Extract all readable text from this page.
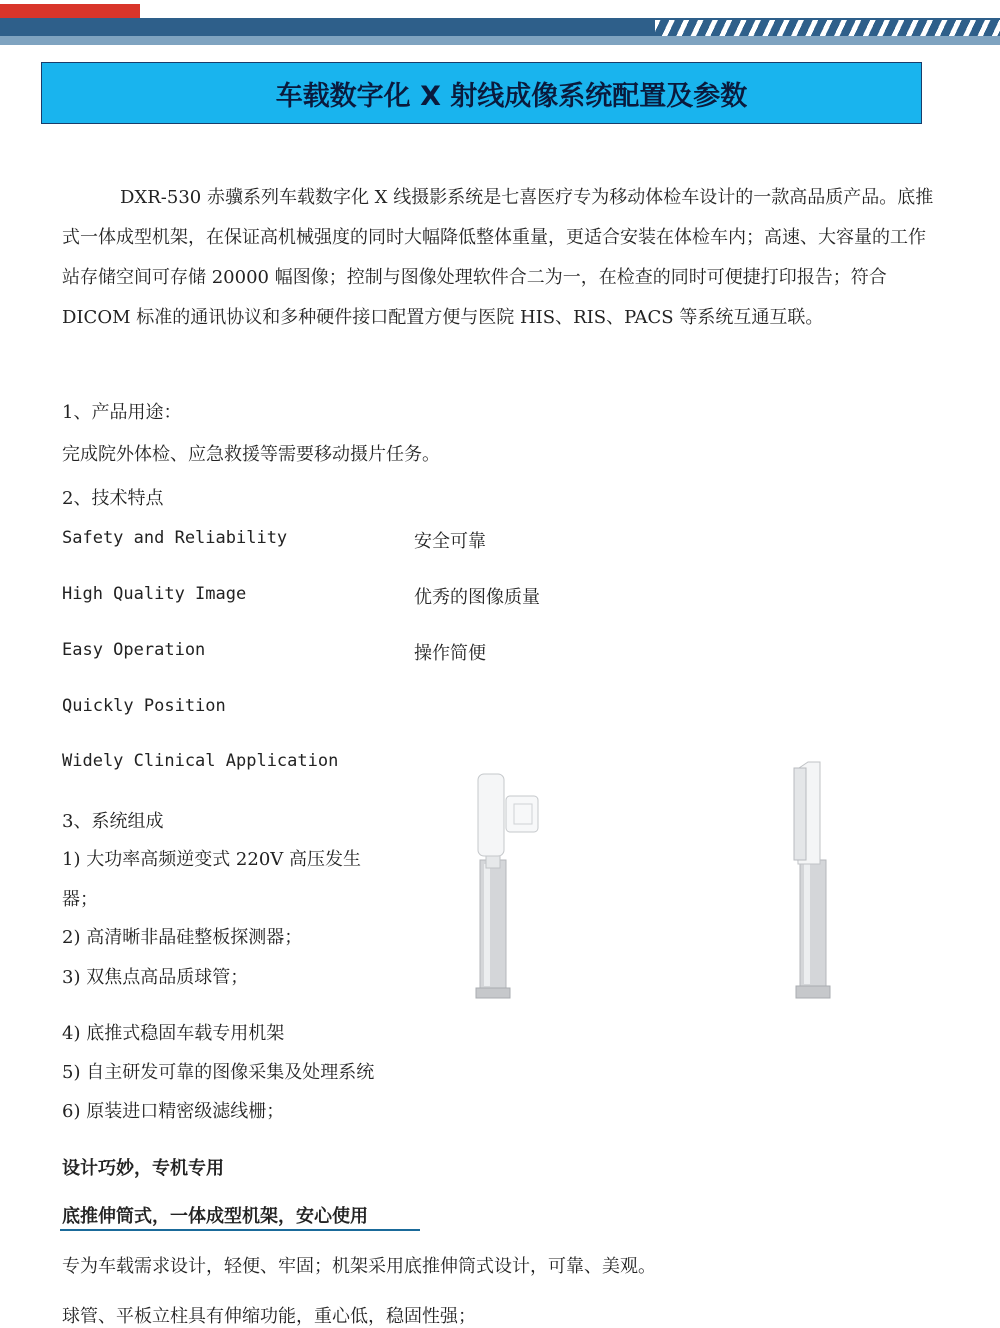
车载数字化 X 射线成像系统配置及参数

DXR-530 赤骥系列车载数字化 X 线摄影系统是七喜医疗专为移动体检车设计的一款高品质产品。底推式一体成型机架，在保证高机械强度的同时大幅降低整体重量，更适合安装在体检车内；高速、大容量的工作站存储空间可存储 20000 幅图像；控制与图像处理软件合二为一，在检查的同时可便捷打印报告；符合 DICOM 标准的通讯协议和多种硬件接口配置方便与医院 HIS、RIS、PACS 等系统互通互联。

1、产品用途：
完成院外体检、应急救援等需要移动摄片任务。
2、技术特点
Safety and Reliability	安全可靠
High Quality Image	优秀的图像质量
Easy Operation	操作简便
Quickly Position
Widely Clinical Application
3、系统组成
1) 大功率高频逆变式 220V 高压发生
器；
2) 高清晰非晶硅整板探测器；
3) 双焦点高品质球管；
4) 底推式稳固车载专用机架
5) 自主研发可靠的图像采集及处理系统
6) 原装进口精密级滤线栅；
设计巧妙，专机专用
底推伸筒式，一体成型机架，安心使用
专为车载需求设计，轻便、牢固；机架采用底推伸筒式设计，可靠、美观。
球管、平板立柱具有伸缩功能，重心低，稳固性强；
